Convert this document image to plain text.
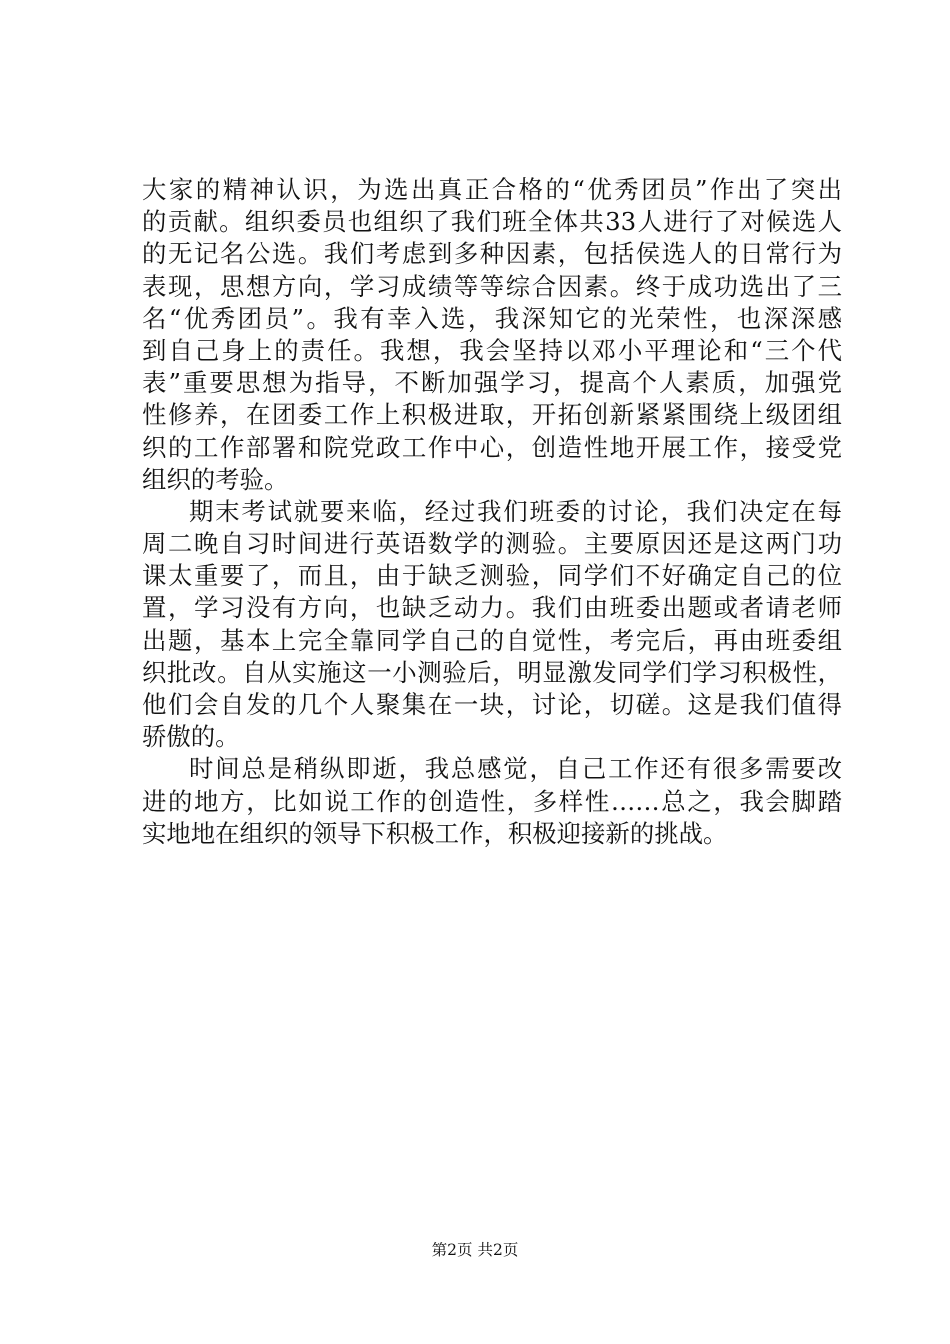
大家的精神认识，为选出真正合格的“优秀团员”作出了突出
的贡献。组织委员也组织了我们班全体共33人进行了对候选人
的无记名公选。我们考虑到多种因素，包括侯选人的日常行为
表现，思想方向，学习成绩等等综合因素。终于成功选出了三
名“优秀团员”。我有幸入选，我深知它的光荣性，也深深感
到自己身上的责任。我想，我会坚持以邓小平理论和“三个代
表”重要思想为指导，不断加强学习，提高个人素质，加强党
性修养，在团委工作上积极进取，开拓创新紧紧围绕上级团组
织的工作部署和院党政工作中心，创造性地开展工作，接受党
组织的考验。
期末考试就要来临，经过我们班委的讨论，我们决定在每
周二晚自习时间进行英语数学的测验。主要原因还是这两门功
课太重要了，而且，由于缺乏测验，同学们不好确定自己的位
置，学习没有方向，也缺乏动力。我们由班委出题或者请老师
出题，基本上完全靠同学自己的自觉性，考完后，再由班委组
织批改。自从实施这一小测验后，明显激发同学们学习积极性，
他们会自发的几个人聚集在一块，讨论，切磋。这是我们值得
骄傲的。
时间总是稍纵即逝，我总感觉，自己工作还有很多需要改
进的地方，比如说工作的创造性，多样性……总之，我会脚踏
实地地在组织的领导下积极工作，积极迎接新的挑战。
第2页 共2页
